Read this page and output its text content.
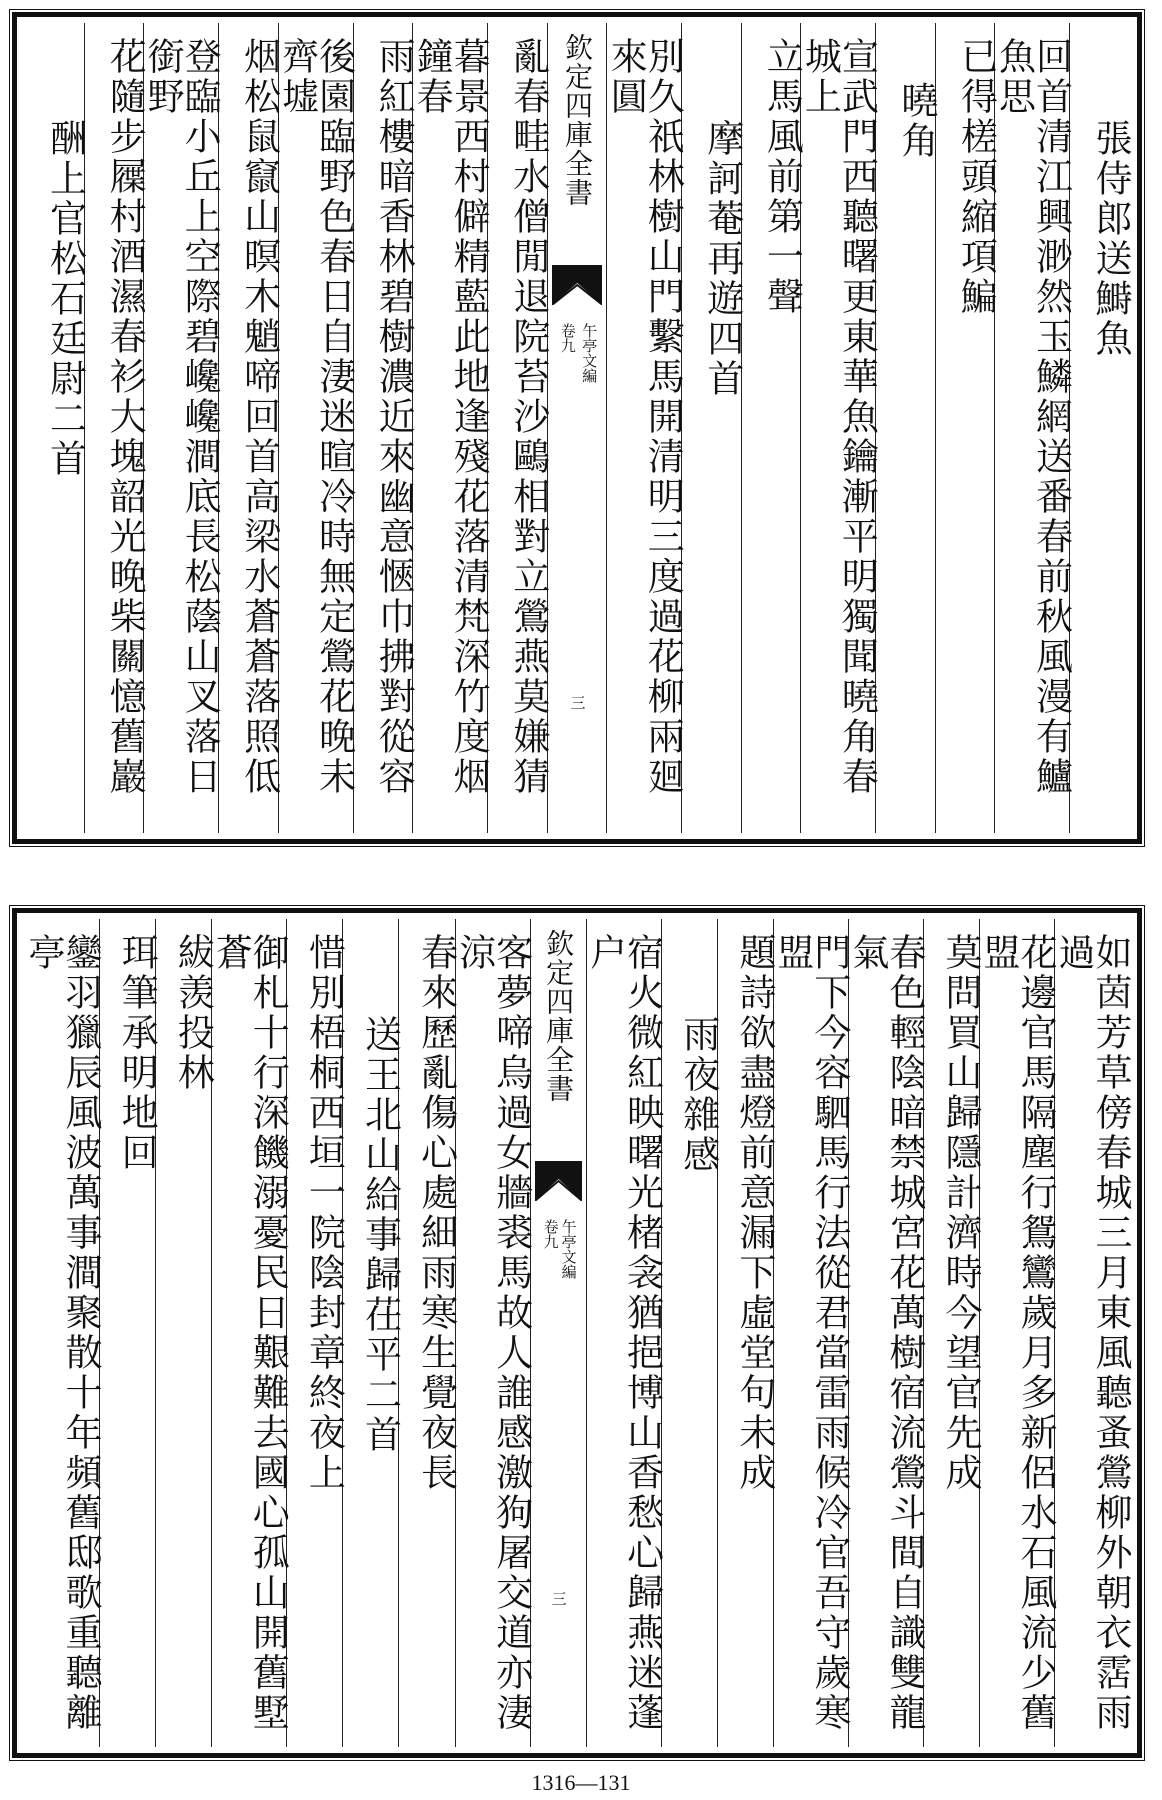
張侍郎送鰣魚
回首清江興渺然玉鱗網送番春前秋風漫有鱸魚思
已得槎頭縮項鯿
曉角
宣武門西聽曙更東華魚鑰漸平明獨聞曉角春城上
立馬風前第一聲
摩訶菴再遊四首
別久祇林樹山門繫馬開清明三度過花柳兩廻來圓
欽定四庫全書
卷九 午亭文編
三
亂春畦水僧閒退院苔沙鷗相對立鶯燕莫嫌猜
暮景西村僻精藍此地逢殘花落清梵深竹度烟鐘春
雨紅樓暗香林碧樹濃近來幽意愜巾拂對從容
後園臨野色春日自淒迷暄冷時無定鶯花晚未齊墟
烟松鼠竄山暝木魈啼回首高梁水蒼蒼落照低
登臨小丘上空際碧巉巉澗底長松蔭山叉落日銜野
花隨步屧村酒濕春衫大塊韶光晚柴關憶舊巖
酬上官松石廷尉二首
如茵芳草傍春城三月東風聽蚤鶯柳外朝衣霑雨過
花邊官馬隔塵行鴛鸞歲月多新侶水石風流少舊盟
莫問買山歸隱計濟時今望官先成
春色輕陰暗禁城宮花萬樹宿流鶯斗間自識雙龍氣
門下今容駟馬行法從君當雷雨候冷官吾守歲寒盟
題詩欲盡燈前意漏下虛堂句未成
雨夜雜感
宿火微紅映曙光楮衾猶挹博山香愁心歸燕迷蓬户
欽定四庫全書
卷九 午亭文編
三
客夢啼烏過女牆裘馬故人誰感激狗屠交道亦淒涼
春來歷亂傷心處細雨寒生覺夜長
送王北山給事歸茌平二首
惜別梧桐西垣一院陰封章終夜上
御札十行深饑溺憂民日艱難去國心孤山開舊墅蒼
紱羡投林
珥筆承明地回
鑾羽獵辰風波萬事澗聚散十年頻舊邸歌重聽離亭
1316—131
